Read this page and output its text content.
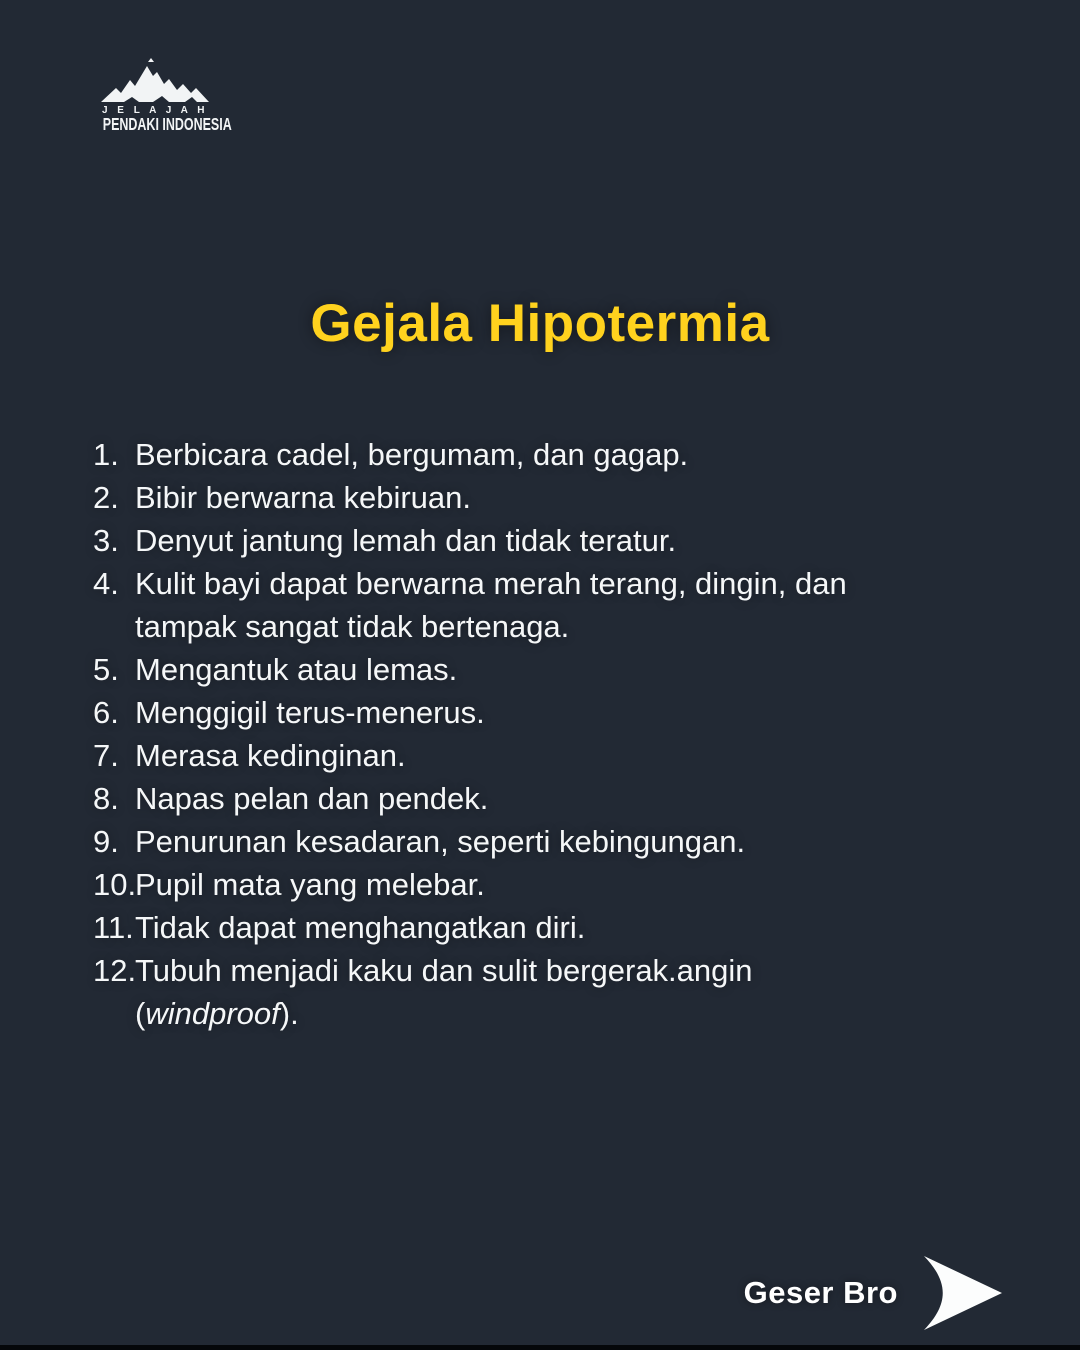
J E L A J A H
PENDAKI INDONESIA
Gejala Hipotermia
1. Berbicara cadel, bergumam, dan gagap.
2. Bibir berwarna kebiruan.
3. Denyut jantung lemah dan tidak teratur.
4. Kulit bayi dapat berwarna merah terang, dingin, dan
tampak sangat tidak bertenaga.
5. Mengantuk atau lemas.
6. Menggigil terus-menerus.
7. Merasa kedinginan.
8. Napas pelan dan pendek.
9. Penurunan kesadaran, seperti kebingungan.
10.
Pupil mata yang melebar.
11. Tidak dapat menghangatkan diri.
12.
Tubuh menjadi kaku dan sulit bergerak.angin
(windproof).
Geser Bro
